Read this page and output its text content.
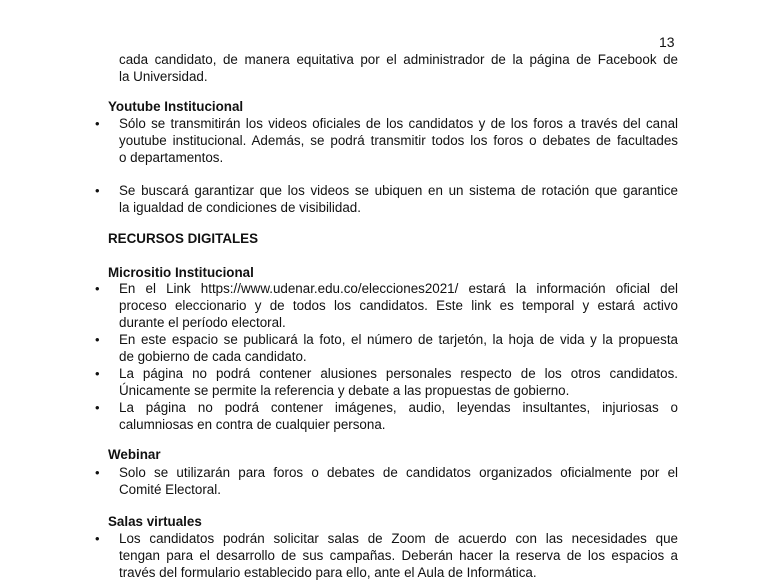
13
cada candidato, de manera equitativa por el administrador de la página de Facebook de
la Universidad.
Youtube Institucional
• Sólo se transmitirán los videos oficiales de los candidatos y de los foros a través del canal
youtube institucional. Además, se podrá transmitir todos los foros o debates de facultades
o departamentos.
• Se buscará garantizar que los videos se ubiquen en un sistema de rotación que garantice
la igualdad de condiciones de visibilidad.
RECURSOS DIGITALES
Micrositio Institucional
• En el Link https://www.udenar.edu.co/elecciones2021/ estará la información oficial del
proceso eleccionario y de todos los candidatos. Este link es temporal y estará activo
durante el período electoral.
• En este espacio se publicará la foto, el número de tarjetón, la hoja de vida y la propuesta
de gobierno de cada candidato.
• La página no podrá contener alusiones personales respecto de los otros candidatos.
Únicamente se permite la referencia y debate a las propuestas de gobierno.
• La página no podrá contener imágenes, audio, leyendas insultantes, injuriosas o
calumniosas en contra de cualquier persona.
Webinar
• Solo se utilizarán para foros o debates de candidatos organizados oficialmente por el
Comité Electoral.
Salas virtuales
• Los candidatos podrán solicitar salas de Zoom de acuerdo con las necesidades que
tengan para el desarrollo de sus campañas. Deberán hacer la reserva de los espacios a
través del formulario establecido para ello, ante el Aula de Informática.
